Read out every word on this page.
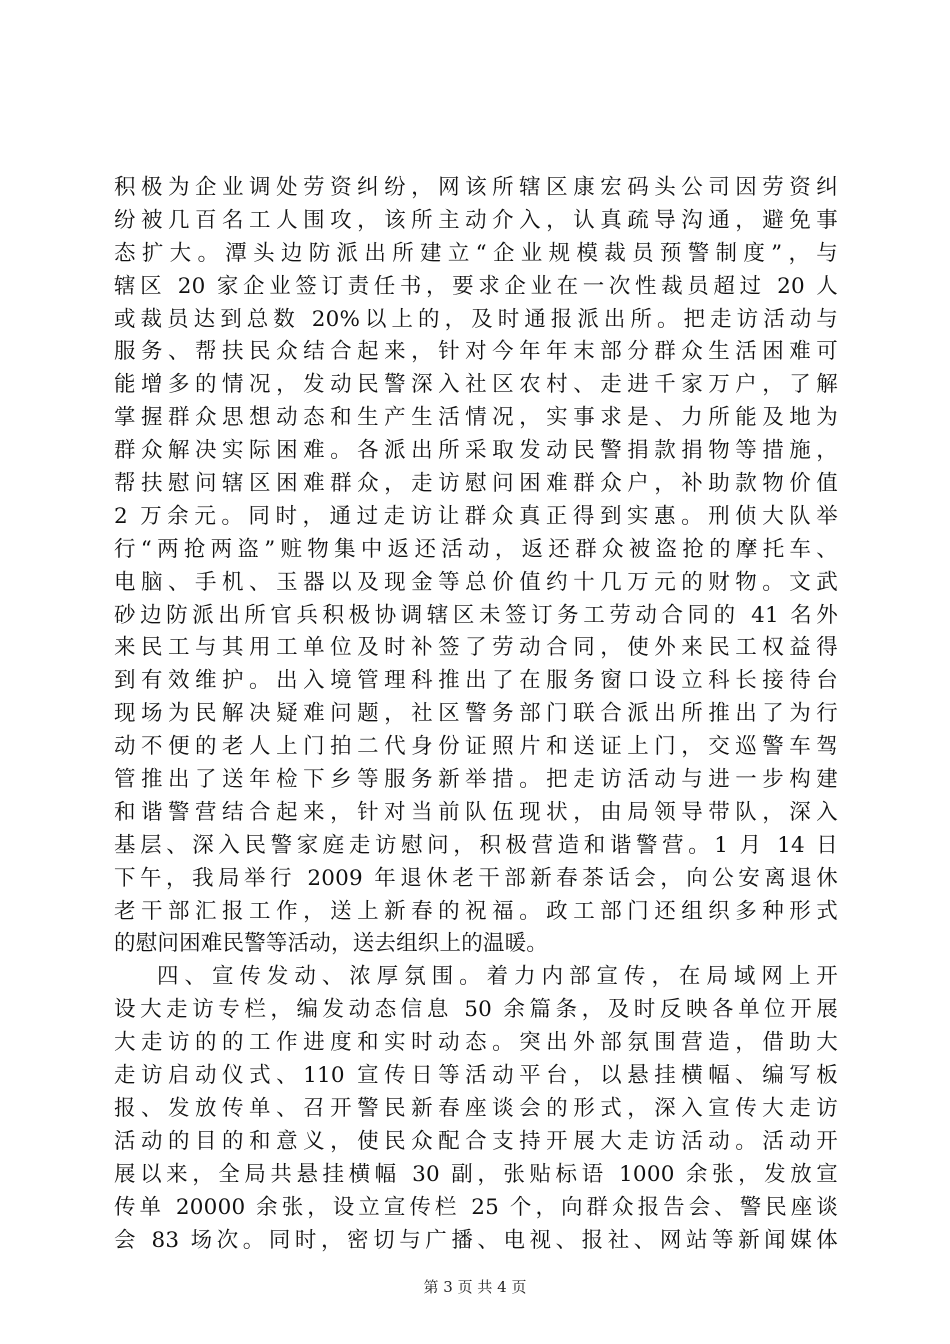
积极为企业调处劳资纠纷，网该所辖区康宏码头公司因劳资纠
纷被几百名工人围攻，该所主动介入，认真疏导沟通，避免事
态扩大。潭头边防派出所建立“企业规模裁员预警制度”，与
辖区 20 家企业签订责任书，要求企业在一次性裁员超过 20 人
或裁员达到总数 20%以上的，及时通报派出所。把走访活动与
服务、帮扶民众结合起来，针对今年年末部分群众生活困难可
能增多的情况，发动民警深入社区农村、走进千家万户，了解
掌握群众思想动态和生产生活情况，实事求是、力所能及地为
群众解决实际困难。各派出所采取发动民警捐款捐物等措施，
帮扶慰问辖区困难群众，走访慰问困难群众户，补助款物价值
2 万余元。同时，通过走访让群众真正得到实惠。刑侦大队举
行“两抢两盗”赃物集中返还活动，返还群众被盗抢的摩托车、
电脑、手机、玉器以及现金等总价值约十几万元的财物。文武
砂边防派出所官兵积极协调辖区未签订务工劳动合同的 41 名外
来民工与其用工单位及时补签了劳动合同，使外来民工权益得
到有效维护。出入境管理科推出了在服务窗口设立科长接待台
现场为民解决疑难问题，社区警务部门联合派出所推出了为行
动不便的老人上门拍二代身份证照片和送证上门，交巡警车驾
管推出了送年检下乡等服务新举措。把走访活动与进一步构建
和谐警营结合起来，针对当前队伍现状，由局领导带队，深入
基层、深入民警家庭走访慰问，积极营造和谐警营。1 月 14 日
下午，我局举行 2009 年退休老干部新春茶话会，向公安离退休
老干部汇报工作，送上新春的祝福。政工部门还组织多种形式
的慰问困难民警等活动，送去组织上的温暖。
四、宣传发动、浓厚氛围。着力内部宣传，在局域网上开
设大走访专栏，编发动态信息 50 余篇条，及时反映各单位开展
大走访的的工作进度和实时动态。突出外部氛围营造，借助大
走访启动仪式、110 宣传日等活动平台，以悬挂横幅、编写板
报、发放传单、召开警民新春座谈会的形式，深入宣传大走访
活动的目的和意义，使民众配合支持开展大走访活动。活动开
展以来，全局共悬挂横幅 30 副，张贴标语 1000 余张，发放宣
传单 20000 余张，设立宣传栏 25 个，向群众报告会、警民座谈
会 83 场次。同时，密切与广播、电视、报社、网站等新闻媒体
第 3 页 共 4 页
